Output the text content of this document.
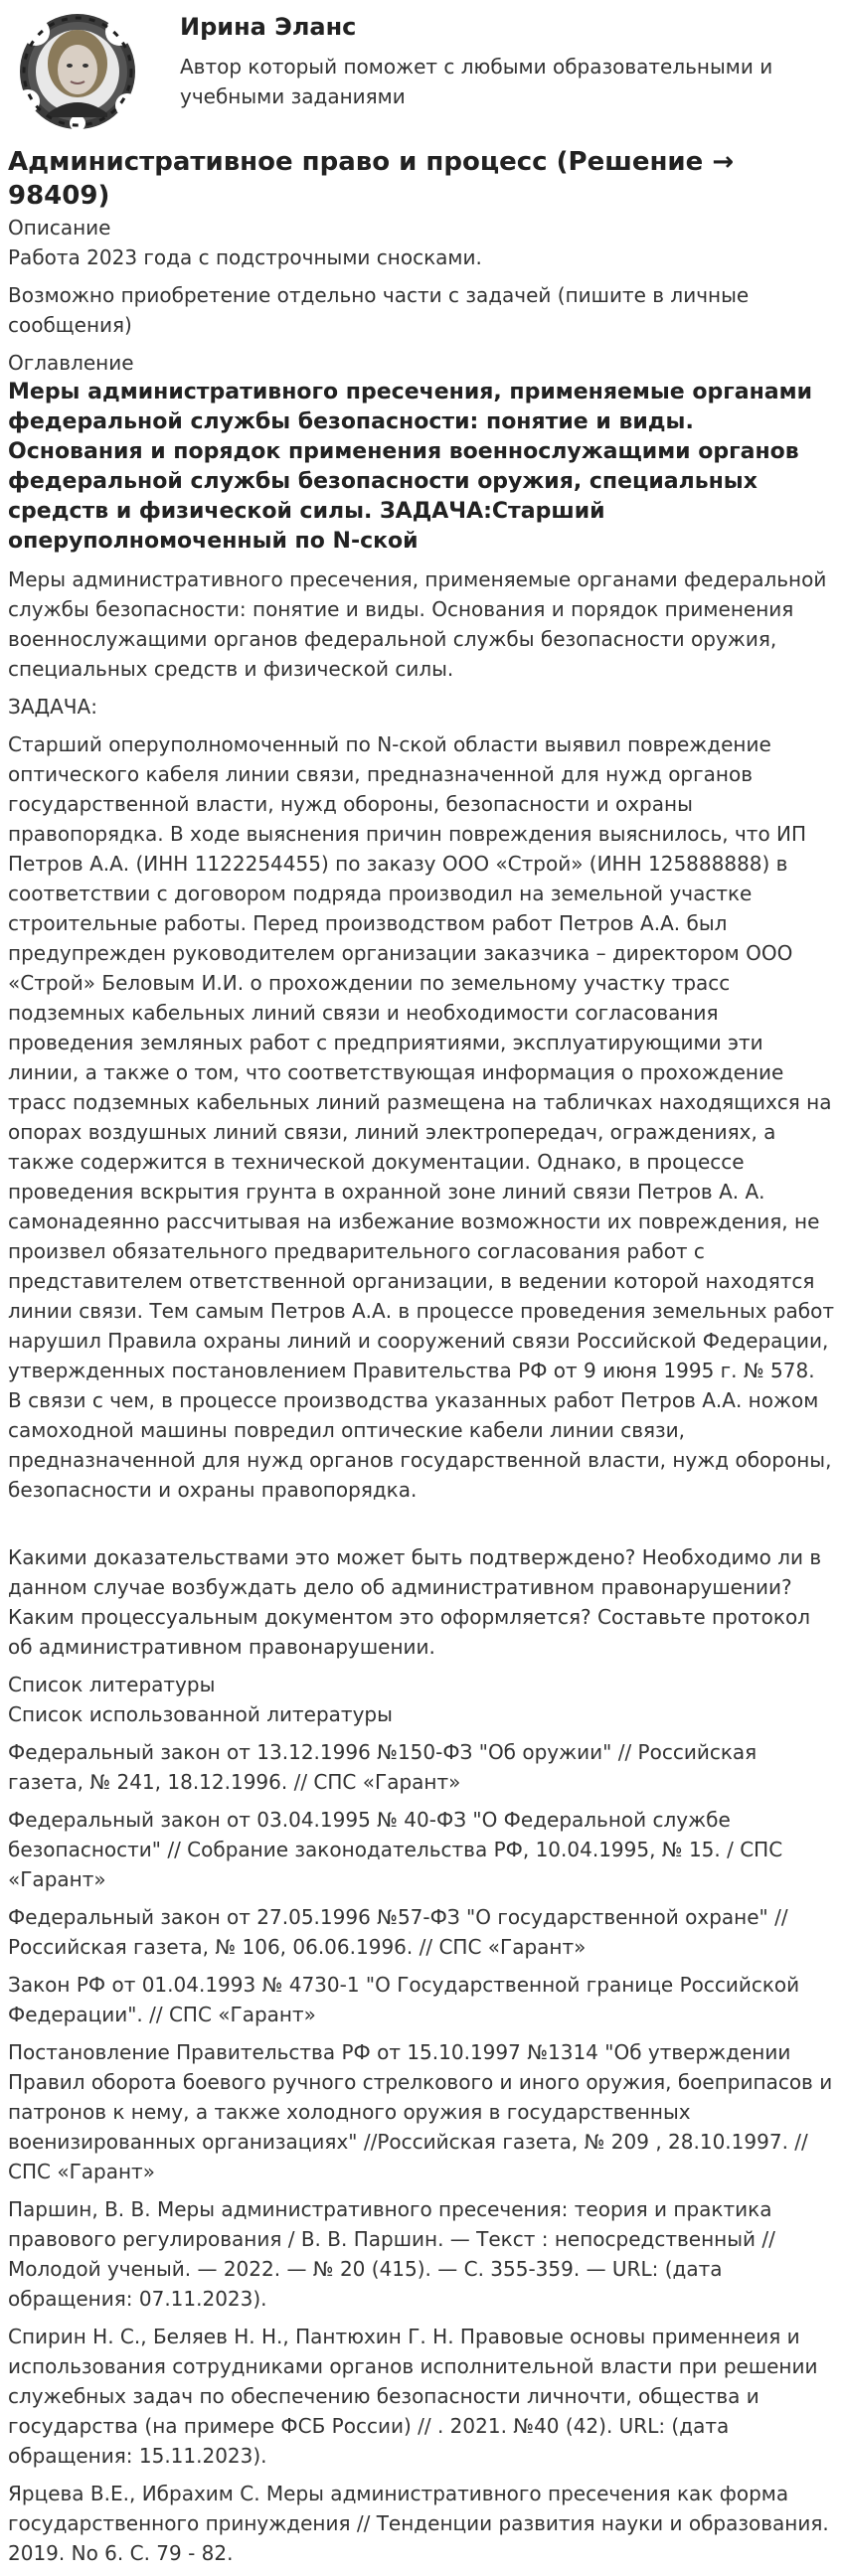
Ирина Эланс
Автор который поможет с любыми образовательными и учебными заданиями
Административное право и процесс (Решение → 98409)
Описание

Работа 2023 года с подстрочными сносками.

Возможно приобретение отдельно части с задачей (пишите в личные сообщения)

Оглавление
Меры административного пресечения, применяемые органами федеральной службы безопасности: понятие и виды. Основания и порядок применения военнослужащими органов федеральной службы безопасности оружия, специальных средств и физической силы. ЗАДАЧА:Старший оперуполномоченный по N-ской

Меры административного пресечения, применяемые органами федеральной службы безопасности: понятие и виды. Основания и порядок применения военнослужащими органов федеральной службы безопасности оружия, специальных средств и физической силы.

ЗАДАЧА:

Старший оперуполномоченный по N-ской области выявил повреждение оптического кабеля линии связи, предназначенной для нужд органов государственной власти, нужд обороны, безопасности и охраны правопорядка. В ходе выяснения причин повреждения выяснилось, что ИП Петров А.А. (ИНН 1122254455) по заказу ООО «Строй» (ИНН 125888888) в соответствии с договором подряда производил на земельной участке строительные работы. Перед производством работ Петров А.А. был предупрежден руководителем организации заказчика – директором ООО «Строй» Беловым И.И. о прохождении по земельному участку трасс подземных кабельных линий связи и необходимости согласования проведения земляных работ с предприятиями, эксплуатирующими эти линии, а также о том, что соответствующая информация о прохождение трасс подземных кабельных линий размещена на табличках находящихся на опорах воздушных линий связи, линий электропередач, ограждениях, а также содержится в технической документации. Однако, в процессе проведения вскрытия грунта в охранной зоне линий связи Петров А. А. самонадеянно рассчитывая на избежание возможности их повреждения, не произвел обязательного предварительного согласования работ с представителем ответственной организации, в ведении которой находятся линии связи. Тем самым Петров А.А. в процессе проведения земельных работ нарушил Правила охраны линий и сооружений связи Российской Федерации, утвержденных постановлением Правительства РФ от 9 июня 1995 г. № 578. В связи с чем, в процессе производства указанных работ Петров А.А. ножом самоходной машины повредил оптические кабели линии связи, предназначенной для нужд органов государственной власти, нужд обороны, безопасности и охраны правопорядка.

Какими доказательствами это может быть подтверждено? Необходимо ли в данном случае возбуждать дело об административном правонарушении? Каким процессуальным документом это оформляется? Составьте протокол об административном правонарушении.

Список литературы
Список использованной литературы

Федеральный закон от 13.12.1996 №150-ФЗ "Об оружии" // Российская газета, № 241, 18.12.1996. // СПС «Гарант»

Федеральный закон от 03.04.1995 № 40-ФЗ "О Федеральной службе безопасности" // Собрание законодательства РФ, 10.04.1995, № 15. / СПС «Гарант»

Федеральный закон от 27.05.1996 №57-ФЗ "О государственной охране" // Российская газета, № 106, 06.06.1996. // СПС «Гарант»

Закон РФ от 01.04.1993 № 4730-1 "О Государственной границе Российской Федерации". // СПС «Гарант»

Постановление Правительства РФ от 15.10.1997 №1314 "Об утверждении Правил оборота боевого ручного стрелкового и иного оружия, боеприпасов и патронов к нему, а также холодного оружия в государственных военизированных организациях" //Российская газета, № 209 , 28.10.1997. // СПС «Гарант»

Паршин, В. В. Меры административного пресечения: теория и практика правового регулирования / В. В. Паршин. — Текст : непосредственный // Молодой ученый. — 2022. — № 20 (415). — С. 355-359. — URL: (дата обращения: 07.11.2023).

Спирин Н. С., Беляев Н. Н., Пантюхин Г. Н. Правовые основы применнеия и использования сотрудниками органов исполнительной власти при решении служебных задач по обеспечению безопасности личночти, общества и государства (на примере ФСБ России) // . 2021. №40 (42). URL: (дата обращения: 15.11.2023).

Ярцева В.Е., Ибрахим С. Меры административного пресечения как форма государственного принуждения // Тенденции развития науки и образования. 2019. No 6. С. 79 - 82.
